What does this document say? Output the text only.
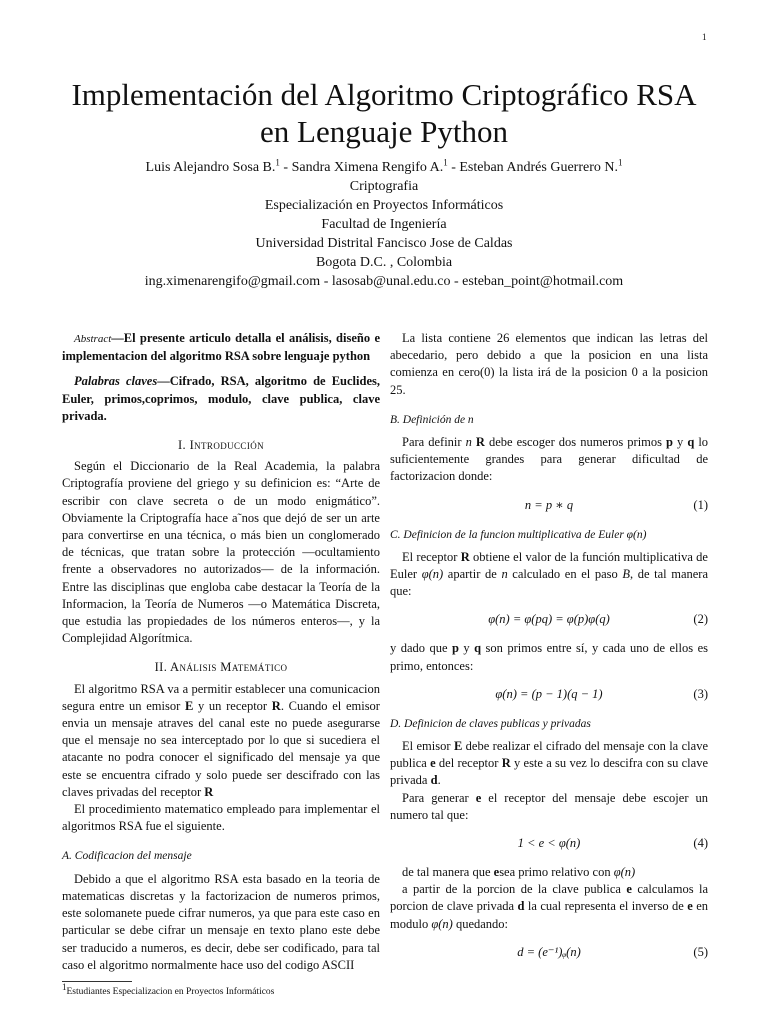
1
Implementación del Algoritmo Criptográfico RSA
en Lenguaje Python
Luis Alejandro Sosa B.$^1$ - Sandra Ximena Rengifo A.$^1$ - Esteban Andrés Guerrero N.$^1$
Criptografia
Especialización en Proyectos Informáticos
Facultad de Ingeniería
Universidad Distrital Fancisco Jose de Caldas
Bogota D.C. , Colombia
ing.ximenarengifo@gmail.com - lasosab@unal.edu.co - esteban_point@hotmail.com

Abstract—El presente articulo detalla el análisis, diseño e implementacion del algoritmo RSA sobre lenguaje python

Palabras claves—Cifrado, RSA, algoritmo de Euclides, Euler, primos,coprimos, modulo, clave publica, clave privada.

I. Introducción

Según el Diccionario de la Real Academia, la palabra Criptografía proviene del griego y su definicion es: “Arte de escribir con clave secreta o de un modo enigmático”. Obviamente la Criptografía hace a˜nos que dejó de ser un arte para convertirse en una técnica, o más bien un conglomerado de técnicas, que tratan sobre la protección —ocultamiento frente a observadores no autorizados— de la información. Entre las disciplinas que engloba cabe destacar la Teoría de la Informacion, la Teoría de Numeros —o Matemática Discreta, que estudia las propiedades de los números enteros—, y la Complejidad Algorítmica.

II. Análisis Matemático

El algoritmo RSA va a permitir establecer una comunicacion segura entre un emisor E y un receptor R. Cuando el emisor envia un mensaje atraves del canal este no puede asegurarse que el mensaje no sea interceptado por lo que si sucediera el atacante no podra conocer el significado del mensaje ya que este se encuentra cifrado y solo puede ser descifrado con las claves privadas del receptor R

El procedimiento matematico empleado para implementar el algoritmos RSA fue el siguiente.

A. Codificacion del mensaje

Debido a que el algoritmo RSA esta basado en la teoria de matematicas discretas y la factorizacion de numeros primos, este solomanete puede cifrar numeros, ya que para este caso en particular se debe cifrar un mensaje en texto plano este debe ser traducido a numeros, es decir, debe ser codificado, para tal caso el algoritmo normalmente hace uso del codigo ASCII

$^1$Estudiantes Especializacion en Proyectos Informáticos

La lista contiene 26 elementos que indican las letras del abecedario, pero debido a que la posicion en una lista comienza en cero(0) la lista irá de la posicion 0 a la posicion 25.

B. Definición de n

Para definir n R debe escoger dos numeros primos p y q lo suficientemente grandes para generar dificultad de factorizacion donde:

n = p ∗ q	(1)
C. Definicion de la funcion multiplicativa de Euler φ(n)

El receptor R obtiene el valor de la función multiplicativa de Euler φ(n) apartir de n calculado en el paso B, de tal manera que:

φ(n) = φ(pq) = φ(p)φ(q)	(2)

y dado que p y q son primos entre sí, y cada uno de ellos es primo, entonces:

φ(n) = (p − 1)(q − 1)	(3)
D. Definicion de claves publicas y privadas

El emisor E debe realizar el cifrado del mensaje con la clave publica e del receptor R y este a su vez lo descifra con su clave privada d.

Para generar e el receptor del mensaje debe escojer un numero tal que:

1 < e < φ(n)	(4)

de tal manera que esea primo relativo con φ(n)

a partir de la porcion de la clave publica e calculamos la porcion de clave privada d la cual representa el inverso de e en modulo φ(n) quedando:

d = (e⁻¹)ᵩ(n)	(5)
